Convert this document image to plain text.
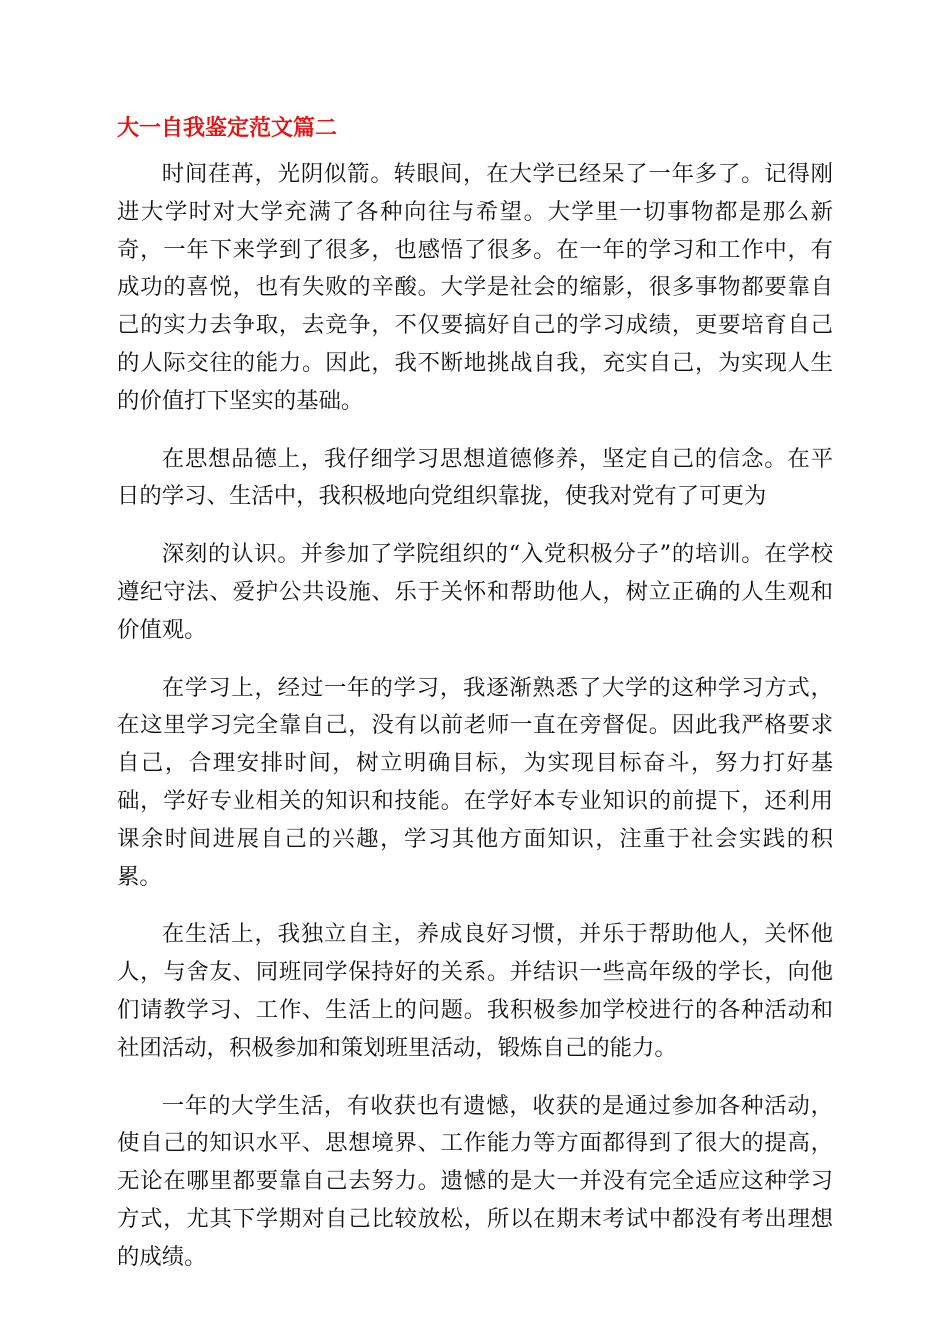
大一自我鉴定范文篇二

时间荏苒，光阴似箭。转眼间，在大学已经呆了一年多了。记得刚进大学时对大学充满了各种向往与希望。大学里一切事物都是那么新奇，一年下来学到了很多，也感悟了很多。在一年的学习和工作中，有成功的喜悦，也有失败的辛酸。大学是社会的缩影，很多事物都要靠自己的实力去争取，去竞争，不仅要搞好自己的学习成绩，更要培育自己的人际交往的能力。因此，我不断地挑战自我，充实自己，为实现人生的价值打下坚实的基础。

在思想品德上，我仔细学习思想道德修养，坚定自己的信念。在平日的学习、生活中，我积极地向党组织靠拢，使我对党有了可更为

深刻的认识。并参加了学院组织的“入党积极分子”的培训。在学校遵纪守法、爱护公共设施、乐于关怀和帮助他人，树立正确的人生观和价值观。

在学习上，经过一年的学习，我逐渐熟悉了大学的这种学习方式，在这里学习完全靠自己，没有以前老师一直在旁督促。因此我严格要求自己，合理安排时间，树立明确目标，为实现目标奋斗，努力打好基础，学好专业相关的知识和技能。在学好本专业知识的前提下，还利用课余时间进展自己的兴趣，学习其他方面知识，注重于社会实践的积累。

在生活上，我独立自主，养成良好习惯，并乐于帮助他人，关怀他人，与舍友、同班同学保持好的关系。并结识一些高年级的学长，向他们请教学习、工作、生活上的问题。我积极参加学校进行的各种活动和社团活动，积极参加和策划班里活动，锻炼自己的能力。

一年的大学生活，有收获也有遗憾，收获的是通过参加各种活动，使自己的知识水平、思想境界、工作能力等方面都得到了很大的提高，无论在哪里都要靠自己去努力。遗憾的是大一并没有完全适应这种学习方式，尤其下学期对自己比较放松，所以在期末考试中都没有考出理想的成绩。
